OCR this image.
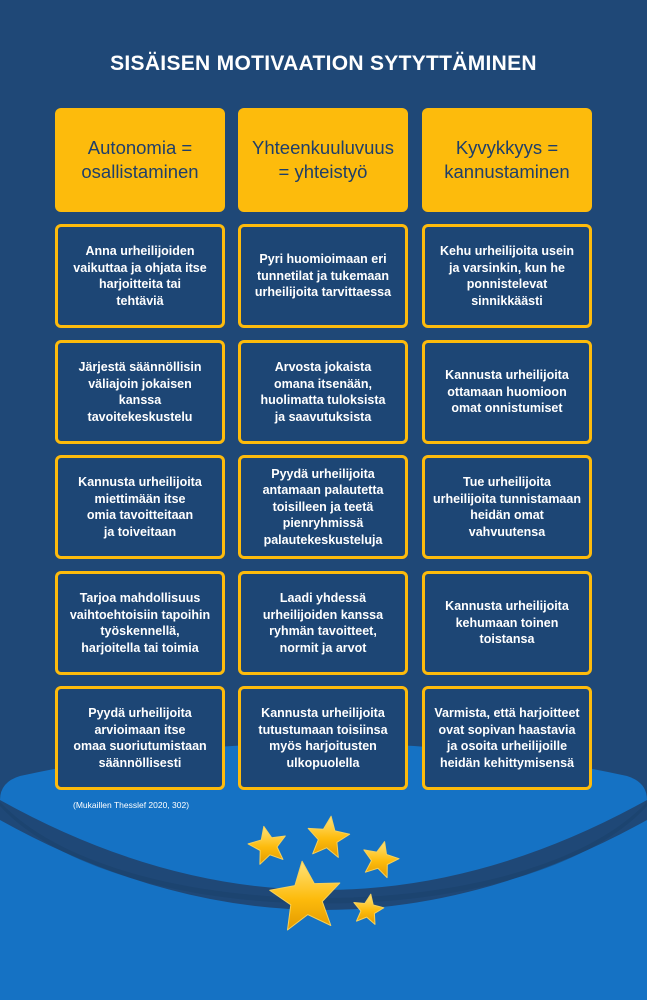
SISÄISEN MOTIVAATION SYTYTTÄMINEN
Autonomia =
osallistaminen
Yhteenkuuluvuus
= yhteistyö
Kyvykkyys =
kannustaminen
Anna urheilijoiden
vaikuttaa ja ohjata itse
harjoitteita tai
tehtäviä
Järjestä säännöllisin
väliajoin jokaisen
kanssa
tavoitekeskustelu
Kannusta urheilijoita
miettimään itse
omia tavoitteitaan
ja toiveitaan
Tarjoa mahdollisuus
vaihtoehtoisiin tapoihin
työskennellä,
harjoitella tai toimia
Pyydä urheilijoita
arvioimaan itse
omaa suoriutumistaan
säännöllisesti
Pyri huomioimaan eri
tunnetilat ja tukemaan
urheilijoita tarvittaessa
Arvosta jokaista
omana itsenään,
huolimatta tuloksista
ja saavutuksista
Pyydä urheilijoita
antamaan palautetta
toisilleen ja teetä
pienryhmissä
palautekeskusteluja
Laadi yhdessä
urheilijoiden kanssa
ryhmän tavoitteet,
normit ja arvot
Kannusta urheilijoita
tutustumaan toisiinsa
myös harjoitusten
ulkopuolella
Kehu urheilijoita usein
ja varsinkin, kun he
ponnistelevat
sinnikkäästi
Kannusta urheilijoita
ottamaan huomioon
omat onnistumiset
Tue urheilijoita
urheilijoita tunnistamaan
heidän omat
vahvuutensa
Kannusta urheilijoita
kehumaan toinen
toistansa
Varmista, että harjoitteet
ovat sopivan haastavia
ja osoita urheilijoille
heidän kehittymisensä
(Mukaillen Thesslef 2020, 302)
